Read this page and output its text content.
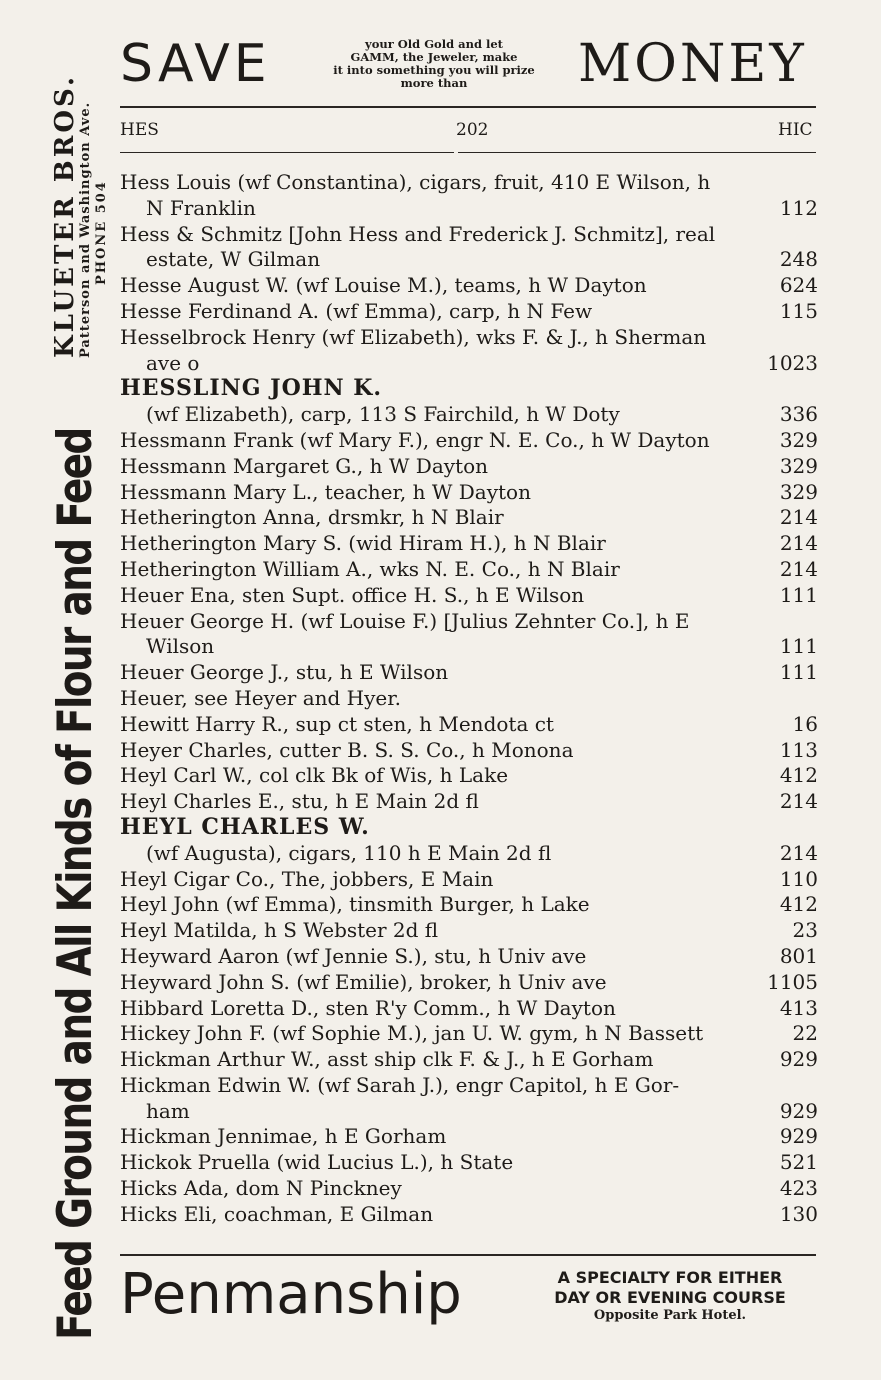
Feed Ground and All Kinds of Flour and Feed
KLUETER BROS.
Patterson and Washington Ave. PHONE 504
SAVE	your Old Gold and let
GAMM, the Jeweler, make
it into something you will prize
more than	MONEY
HES	202	HIC
Hess Louis (wf Constantina), cigars, fruit, 410 E Wilson, h
N Franklin	112
Hess & Schmitz [John Hess and Frederick J. Schmitz], real
estate, W Gilman	248
Hesse August W. (wf Louise M.), teams, h W Dayton	624
Hesse Ferdinand A. (wf Emma), carp, h N Few	115
Hesselbrock Henry (wf Elizabeth), wks F. & J., h Sherman
ave o	1023
HESSLING JOHN K.
(wf Elizabeth), carp, 113 S Fairchild, h W Doty	336
Hessmann Frank (wf Mary F.), engr N. E. Co., h W Dayton	329
Hessmann Margaret G., h W Dayton	329
Hessmann Mary L., teacher, h W Dayton	329
Hetherington Anna, drsmkr, h N Blair	214
Hetherington Mary S. (wid Hiram H.), h N Blair	214
Hetherington William A., wks N. E. Co., h N Blair	214
Heuer Ena, sten Supt. office H. S., h E Wilson	111
Heuer George H. (wf Louise F.) [Julius Zehnter Co.], h E
Wilson	111
Heuer George J., stu, h E Wilson	111
Heuer, see Heyer and Hyer.
Hewitt Harry R., sup ct sten, h Mendota ct	16
Heyer Charles, cutter B. S. S. Co., h Monona	113
Heyl Carl W., col clk Bk of Wis, h Lake	412
Heyl Charles E., stu, h E Main 2d fl	214
HEYL CHARLES W.
(wf Augusta), cigars, 110 h E Main 2d fl	214
Heyl Cigar Co., The, jobbers, E Main	110
Heyl John (wf Emma), tinsmith Burger, h Lake	412
Heyl Matilda, h S Webster 2d fl	23
Heyward Aaron (wf Jennie S.), stu, h Univ ave	801
Heyward John S. (wf Emilie), broker, h Univ ave	1105
Hibbard Loretta D., sten R'y Comm., h W Dayton	413
Hickey John F. (wf Sophie M.), jan U. W. gym, h N Bassett	22
Hickman Arthur W., asst ship clk F. & J., h E Gorham	929
Hickman Edwin W. (wf Sarah J.), engr Capitol, h E Gor-
ham	929
Hickman Jennimae, h E Gorham	929
Hickok Pruella (wid Lucius L.), h State	521
Hicks Ada, dom N Pinckney	423
Hicks Eli, coachman, E Gilman	130
Penmanship	A SPECIALTY FOR EITHER
DAY OR EVENING COURSE
Opposite Park Hotel.
